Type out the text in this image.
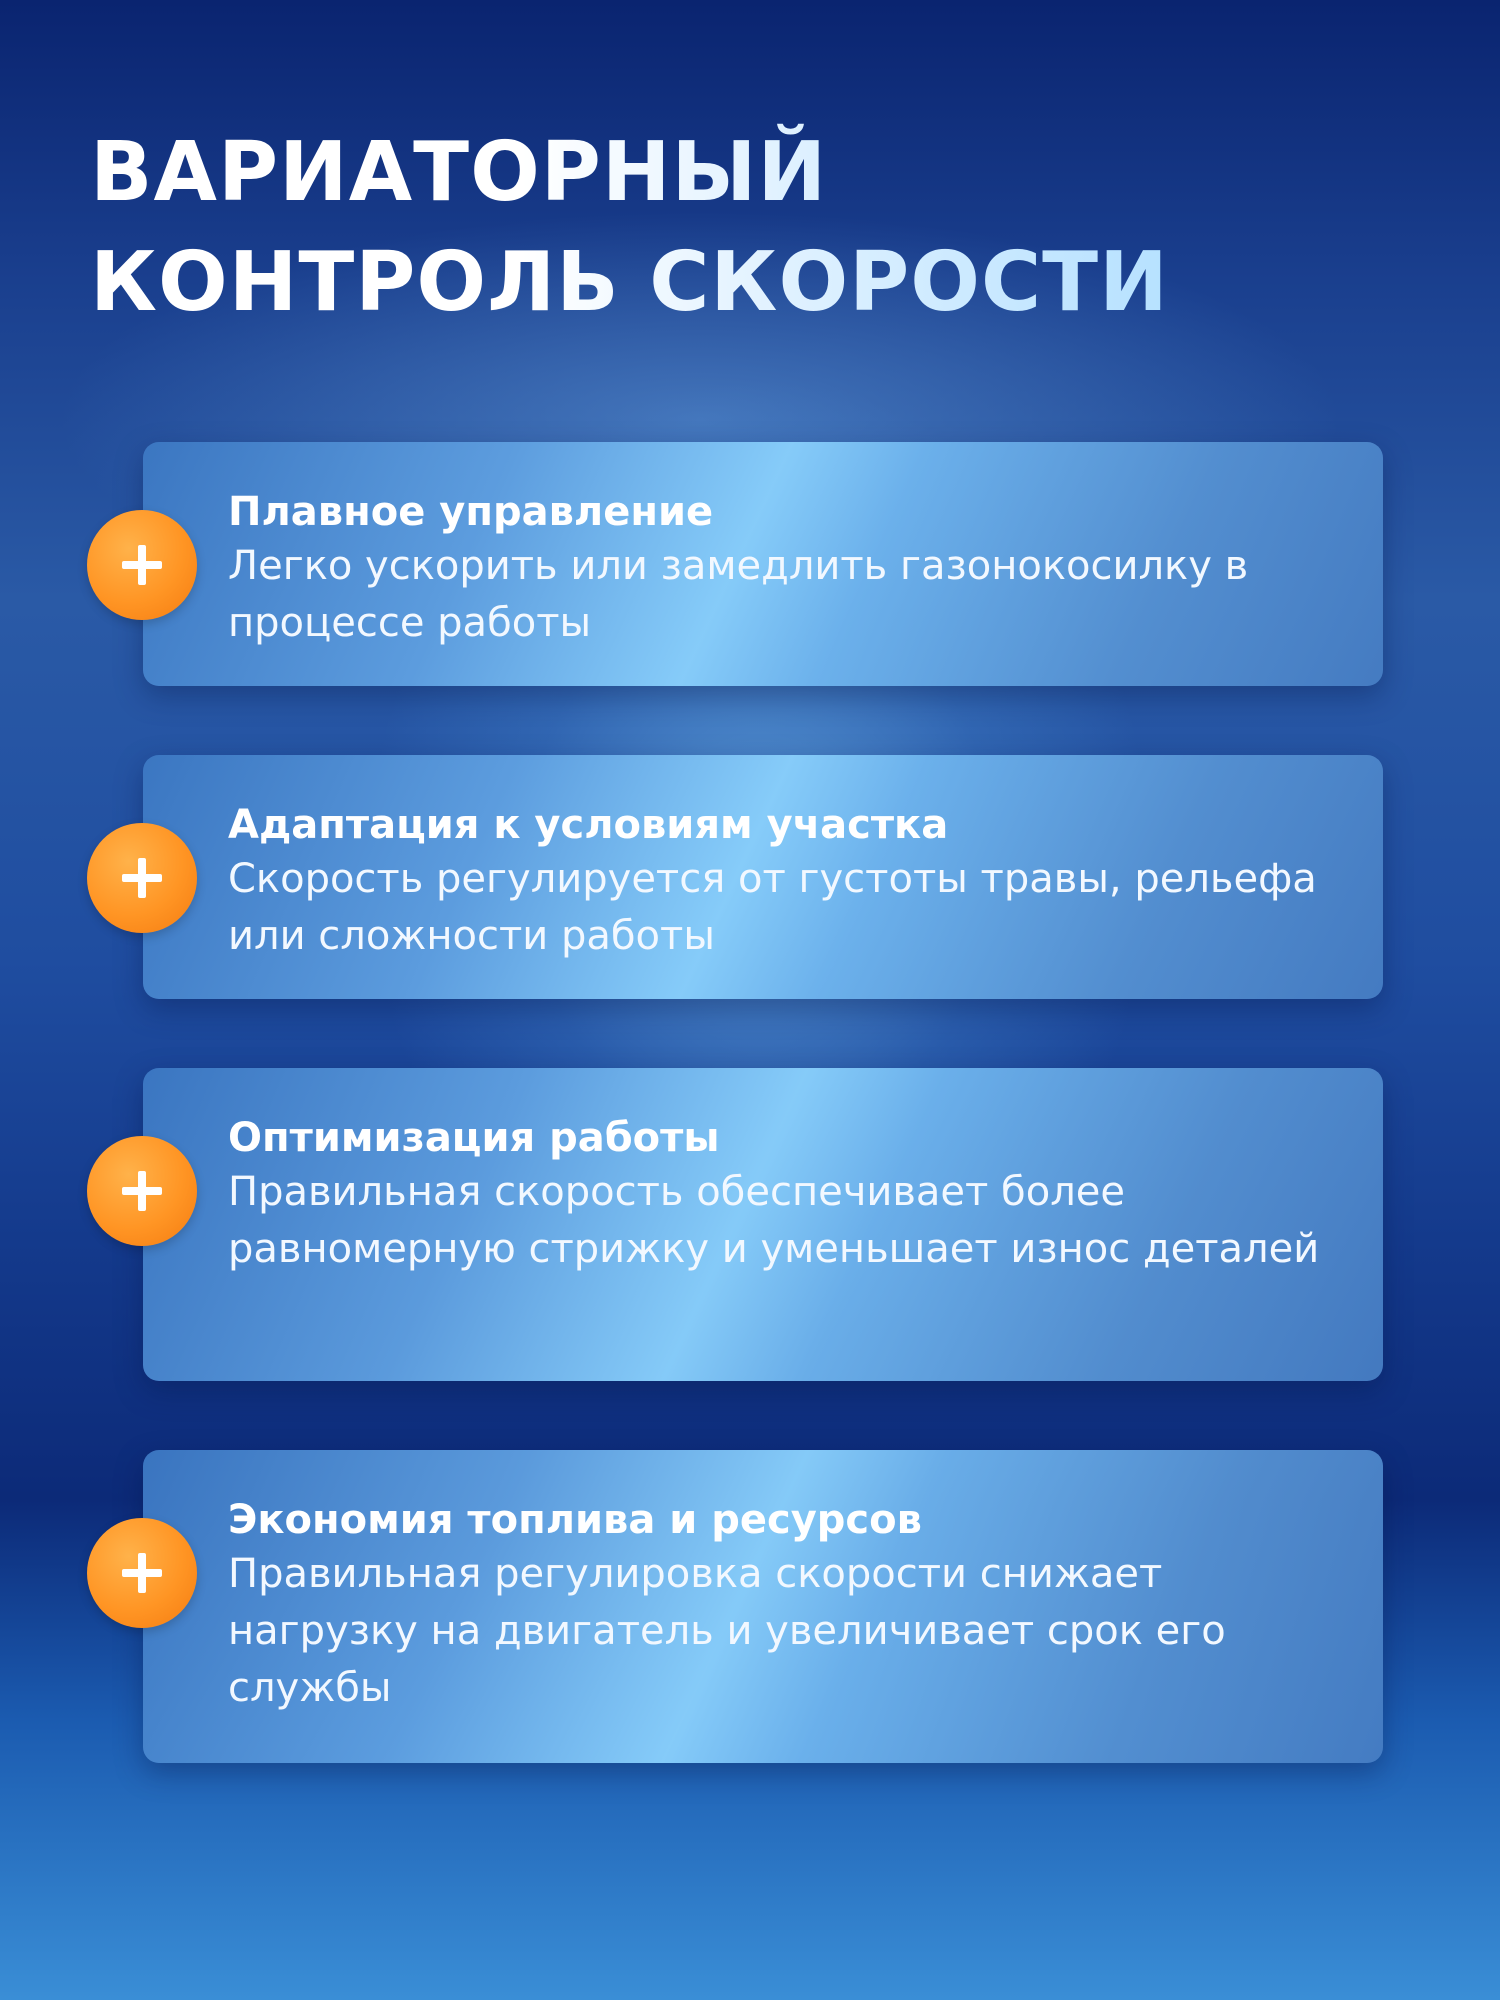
ВАРИАТОРНЫЙ
КОНТРОЛЬ СКОРОСТИ
Плавное управление
Легко ускорить или замедлить газонокосилку в процессе работы
Адаптация к условиям участка
Скорость регулируется от густоты травы, рельефа или сложности работы
Оптимизация работы
Правильная скорость обеспечивает более равномерную стрижку и уменьшает износ деталей
Экономия топлива и ресурсов
Правильная регулировка скорости снижает нагрузку на двигатель и увеличивает срок его службы
